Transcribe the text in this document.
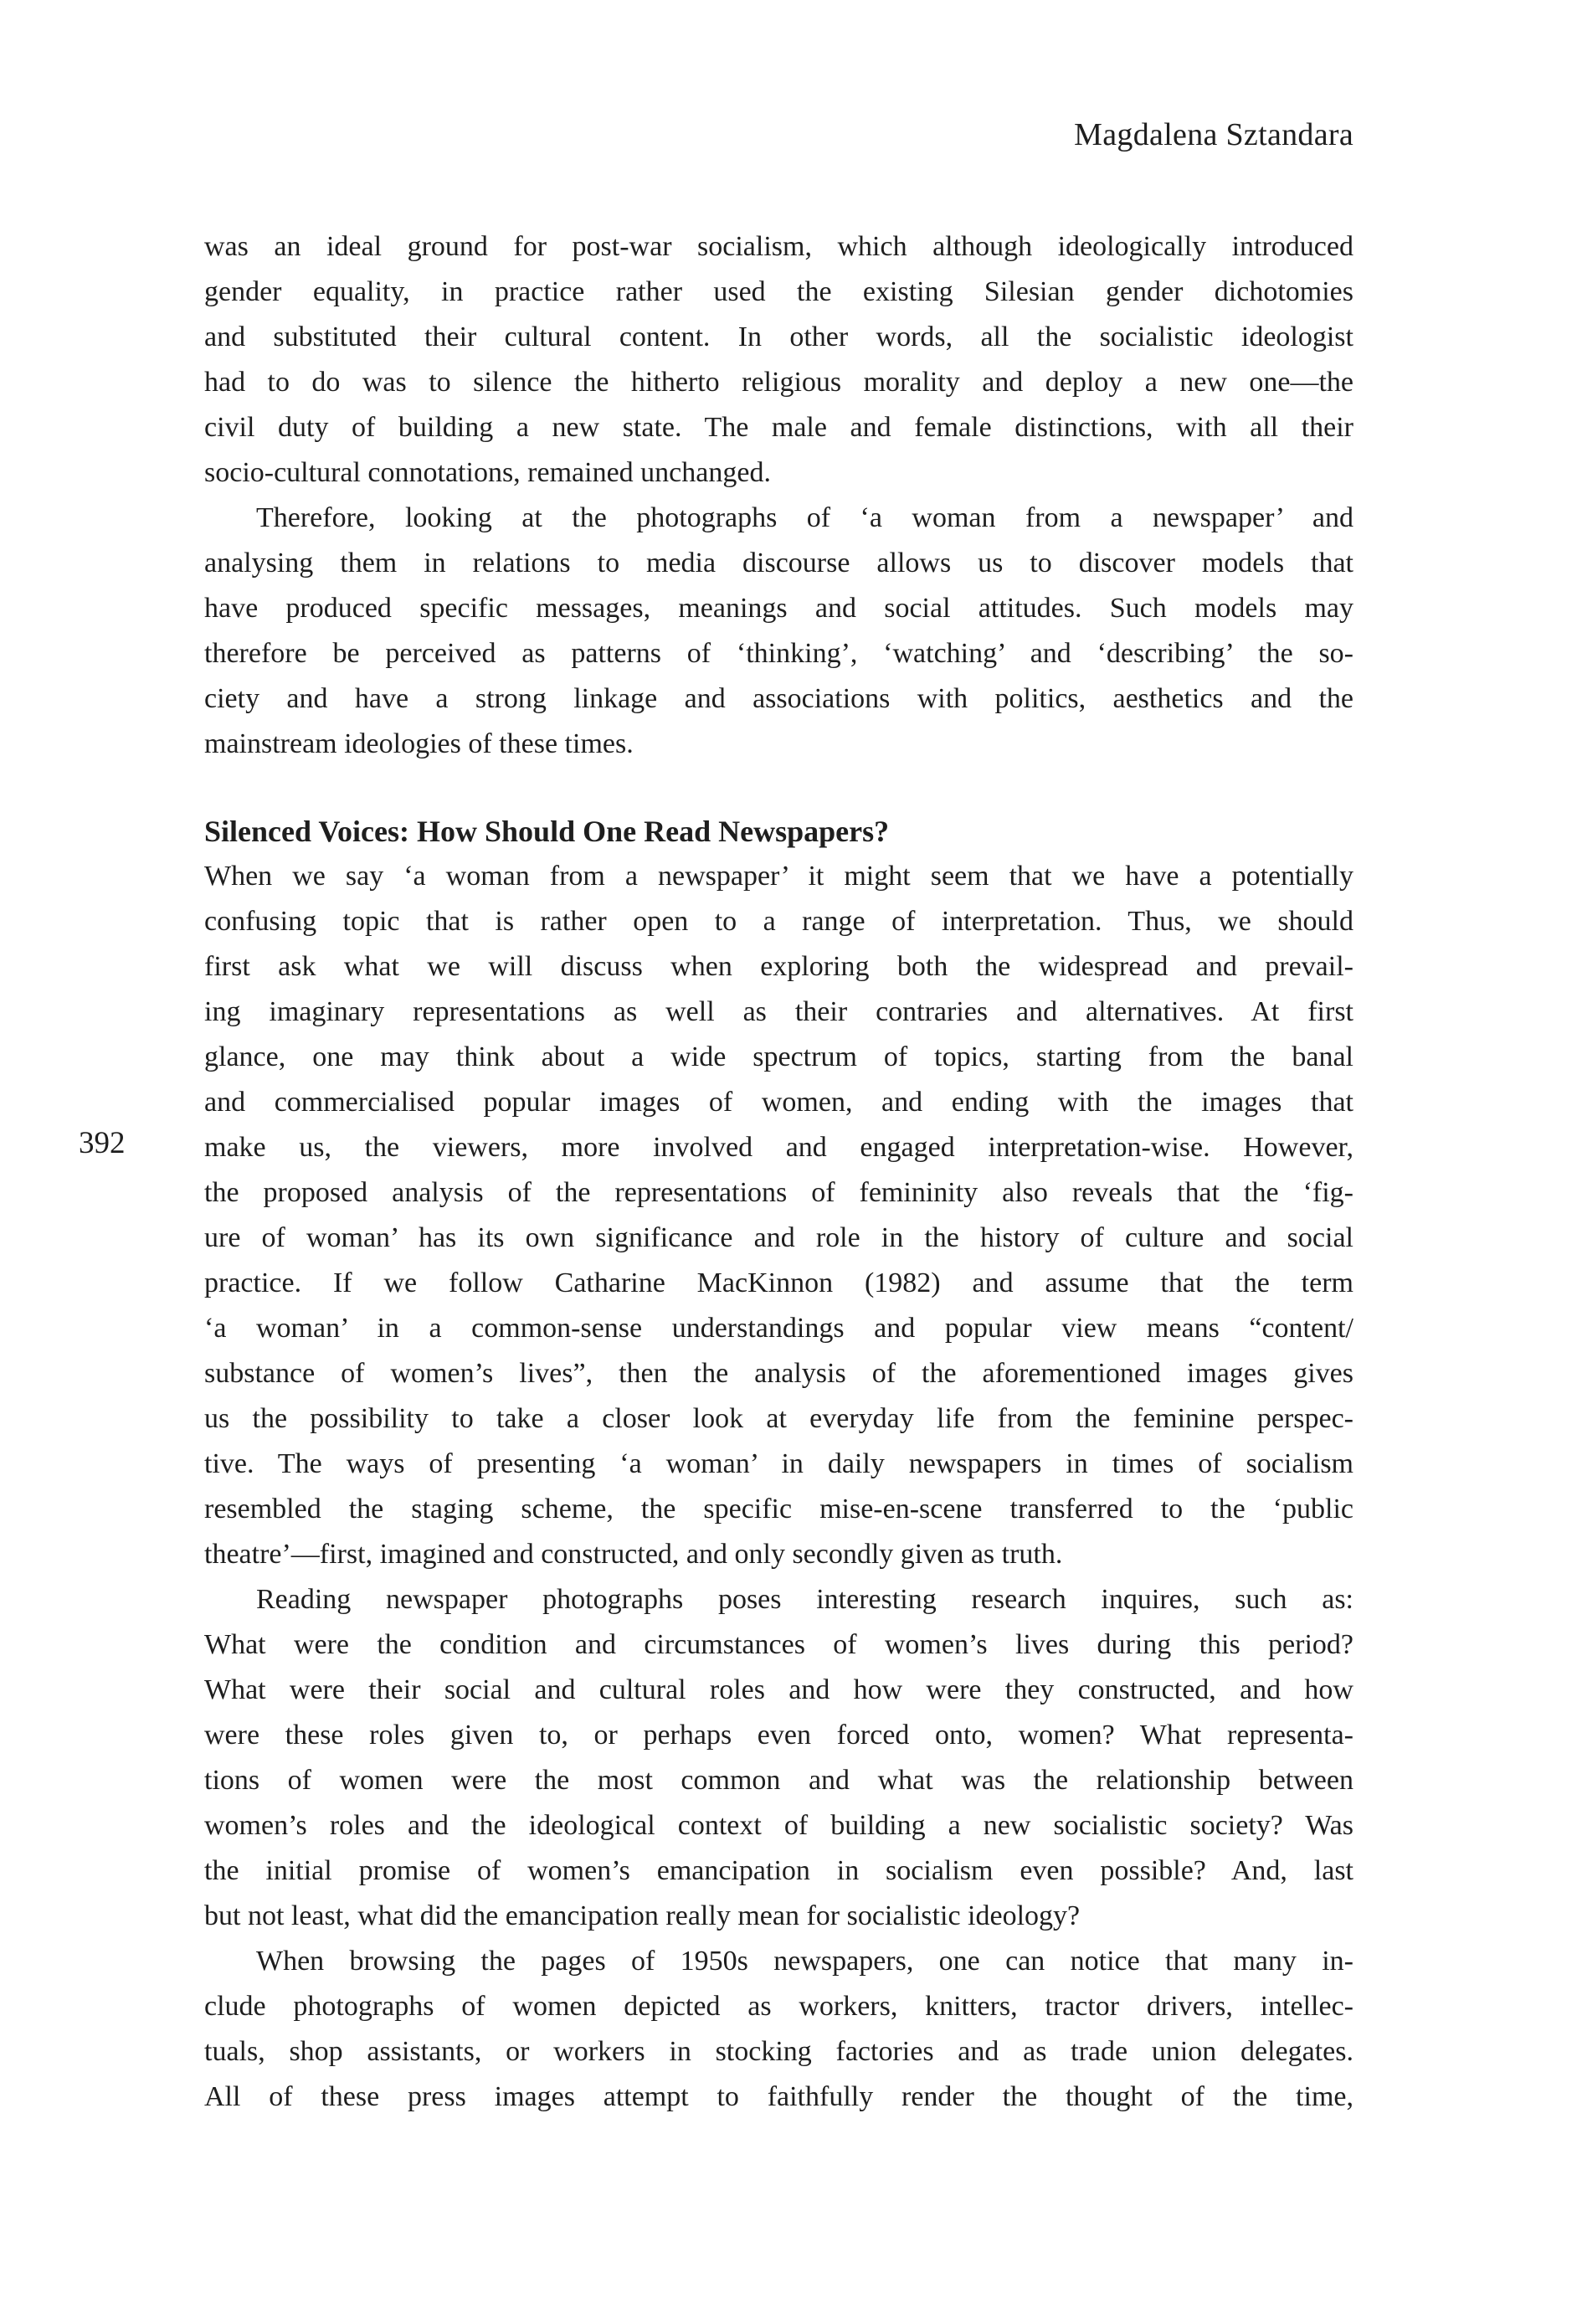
Magdalena Sztandara
392
was an ideal ground for post-war socialism, which although ideologically introduced
gender equality, in practice rather used the existing Silesian gender dichotomies
and substituted their cultural content. In other words, all the socialistic ideologist
had to do was to silence the hitherto religious morality and deploy a new one—the
civil duty of building a new state. The male and female distinctions, with all their
socio-cultural connotations, remained unchanged.
Therefore, looking at the photographs of ‘a woman from a newspaper’ and
analysing them in relations to media discourse allows us to discover models that
have produced specific messages, meanings and social attitudes. Such models may
therefore be perceived as patterns of ‘thinking’, ‘watching’ and ‘describing’ the so-
ciety and have a strong linkage and associations with politics, aesthetics and the
mainstream ideologies of these times.
Silenced Voices: How Should One Read Newspapers?
When we say ‘a woman from a newspaper’ it might seem that we have a potentially
confusing topic that is rather open to a range of interpretation. Thus, we should
first ask what we will discuss when exploring both the widespread and prevail-
ing imaginary representations as well as their contraries and alternatives. At first
glance, one may think about a wide spectrum of topics, starting from the banal
and commercialised popular images of women, and ending with the images that
make us, the viewers, more involved and engaged interpretation-wise. However,
the proposed analysis of the representations of femininity also reveals that the ‘fig-
ure of woman’ has its own significance and role in the history of culture and social
practice. If we follow Catharine MacKinnon (1982) and assume that the term
‘a woman’ in a common-sense understandings and popular view means “content/
substance of women’s lives”, then the analysis of the aforementioned images gives
us the possibility to take a closer look at everyday life from the feminine perspec-
tive. The ways of presenting ‘a woman’ in daily newspapers in times of socialism
resembled the staging scheme, the specific mise-en-scene transferred to the ‘public
theatre’—first, imagined and constructed, and only secondly given as truth.
Reading newspaper photographs poses interesting research inquires, such as:
What were the condition and circumstances of women’s lives during this period?
What were their social and cultural roles and how were they constructed, and how
were these roles given to, or perhaps even forced onto, women? What representa-
tions of women were the most common and what was the relationship between
women’s roles and the ideological context of building a new socialistic society? Was
the initial promise of women’s emancipation in socialism even possible? And, last
but not least, what did the emancipation really mean for socialistic ideology?
When browsing the pages of 1950s newspapers, one can notice that many in-
clude photographs of women depicted as workers, knitters, tractor drivers, intellec-
tuals, shop assistants, or workers in stocking factories and as trade union delegates.
All of these press images attempt to faithfully render the thought of the time,
